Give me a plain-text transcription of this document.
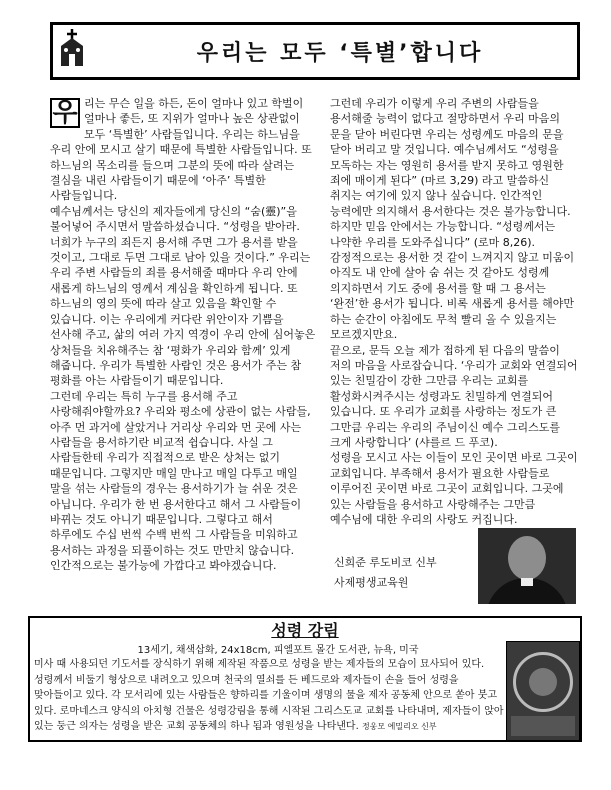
우리는 모두 ‘특별’합니다

우 리는 무슨 일을 하든, 돈이 얼마나 있고 학벌이 얼마나 좋든, 또 지위가 얼마나 높은 상관없이 모두 ‘특별한’ 사람들입니다. 우리는 하느님을 우리 안에 모시고 살기 때문에 특별한 사람들입니다. 또 하느님의 목소리를 들으며 그분의 뜻에 따라 살려는 결심을 내린 사람들이기 때문에 ‘아주’ 특별한 사람들입니다.

예수님께서는 당신의 제자들에게 당신의 “숨(靈)”을 불어넣어 주시면서 말씀하셨습니다. “성령을 받아라. 너희가 누구의 죄든지 용서해 주면 그가 용서를 받을 것이고, 그대로 두면 그대로 남아 있을 것이다.” 우리는 우리 주변 사람들의 죄를 용서해줄 때마다 우리 안에 새롭게 하느님의 영께서 계심을 확인하게 됩니다. 또 하느님의 영의 뜻에 따라 살고 있음을 확인할 수 있습니다. 이는 우리에게 커다란 위안이자 기쁨을 선사해 주고, 삶의 여러 가지 역경이 우리 안에 심어놓은 상처들을 치유해주는 참 ‘평화가 우리와 함께’ 있게 해줍니다. 우리가 특별한 사람인 것은 용서가 주는 참 평화를 아는 사람들이기 때문입니다.

그런데 우리는 특히 누구를 용서해 주고 사랑해줘야할까요? 우리와 평소에 상관이 없는 사람들, 아주 먼 과거에 살았거나 거리상 우리와 먼 곳에 사는 사람들을 용서하기란 비교적 쉽습니다. 사실 그 사람들한테 우리가 직접적으로 받은 상처는 없기 때문입니다. 그렇지만 매일 만나고 매일 다투고 매일 말을 섞는 사람들의 경우는 용서하기가 늘 쉬운 것은 아닙니다. 우리가 한 번 용서한다고 해서 그 사람들이 바뀌는 것도 아니기 때문입니다. 그렇다고 해서 하루에도 수십 번씩 수백 번씩 그 사람들을 미워하고 용서하는 과정을 되풀이하는 것도 만만치 않습니다. 인간적으로는 불가능에 가깝다고 봐야겠습니다.

그런데 우리가 이렇게 우리 주변의 사람들을 용서해줄 능력이 없다고 절망하면서 우리 마음의 문을 닫아 버린다면 우리는 성령께도 마음의 문을 닫아 버리고 말 것입니다. 예수님께서도 “성령을 모독하는 자는 영원히 용서를 받지 못하고 영원한 죄에 매이게 된다” (마르 3,29) 라고 말씀하신 취지는 여기에 있지 않나 싶습니다. 인간적인 능력에만 의지해서 용서한다는 것은 불가능합니다. 하지만 믿음 안에서는 가능합니다. “성령께서는 나약한 우리를 도와주십니다” (로마 8,26).

감정적으로는 용서한 것 같이 느껴지지 않고 미움이 아직도 내 안에 살아 숨 쉬는 것 같아도 성령께 의지하면서 기도 중에 용서를 할 때 그 용서는 ‘완전’한 용서가 됩니다. 비록 새롭게 용서를 해야만 하는 순간이 아침에도 무척 빨리 올 수 있을지는 모르겠지만요.

끝으로, 문득 오늘 제가 접하게 된 다음의 말씀이 저의 마음을 사로잡습니다. ‘우리가 교회와 연결되어 있는 친밀감이 강한 그만큼 우리는 교회를 활성화시켜주시는 성령과도 친밀하게 연결되어 있습니다. 또 우리가 교회를 사랑하는 정도가 큰 그만큼 우리는 우리의 주님이신 예수 그리스도를 크게 사랑합니다’ (샤를르 드 푸코).

성령을 모시고 사는 이들이 모인 곳이면 바로 그곳이 교회입니다. 부족해서 용서가 필요한 사람들로 이루어진 곳이면 바로 그곳이 교회입니다. 그곳에 있는 사람들을 용서하고 사랑해주는 그만큼 예수님에 대한 우리의 사랑도 커집니다.

신희준 루도비코 신부
사제평생교육원
성령 강림
13세기, 채색삽화, 24x18cm, 피엘포트 몰간 도서관, 뉴욕, 미국
미사 때 사용되던 기도서를 장식하기 위해 제작된 작품으로 성령을 받는 제자들의 모습이 묘사되어 있다. 성령께서 비둘기 형상으로 내려오고 있으며 천국의 열쇠를 든 베드로와 제자들이 손을 들어 성령을 맞아들이고 있다. 각 모서리에 있는 사람들은 향하리를 기울이며 생명의 물을 제자 공동체 안으로 쏟아 붓고 있다. 로마네스크 양식의 아치형 건물은 성령강림을 통해 시작된 그리스도교 교회를 나타내며, 제자들이 앉아 있는 둥근 의자는 성령을 받은 교회 공동체의 하나 됨과 영원성을 나타낸다. 정웅모 에밀리오 신부
